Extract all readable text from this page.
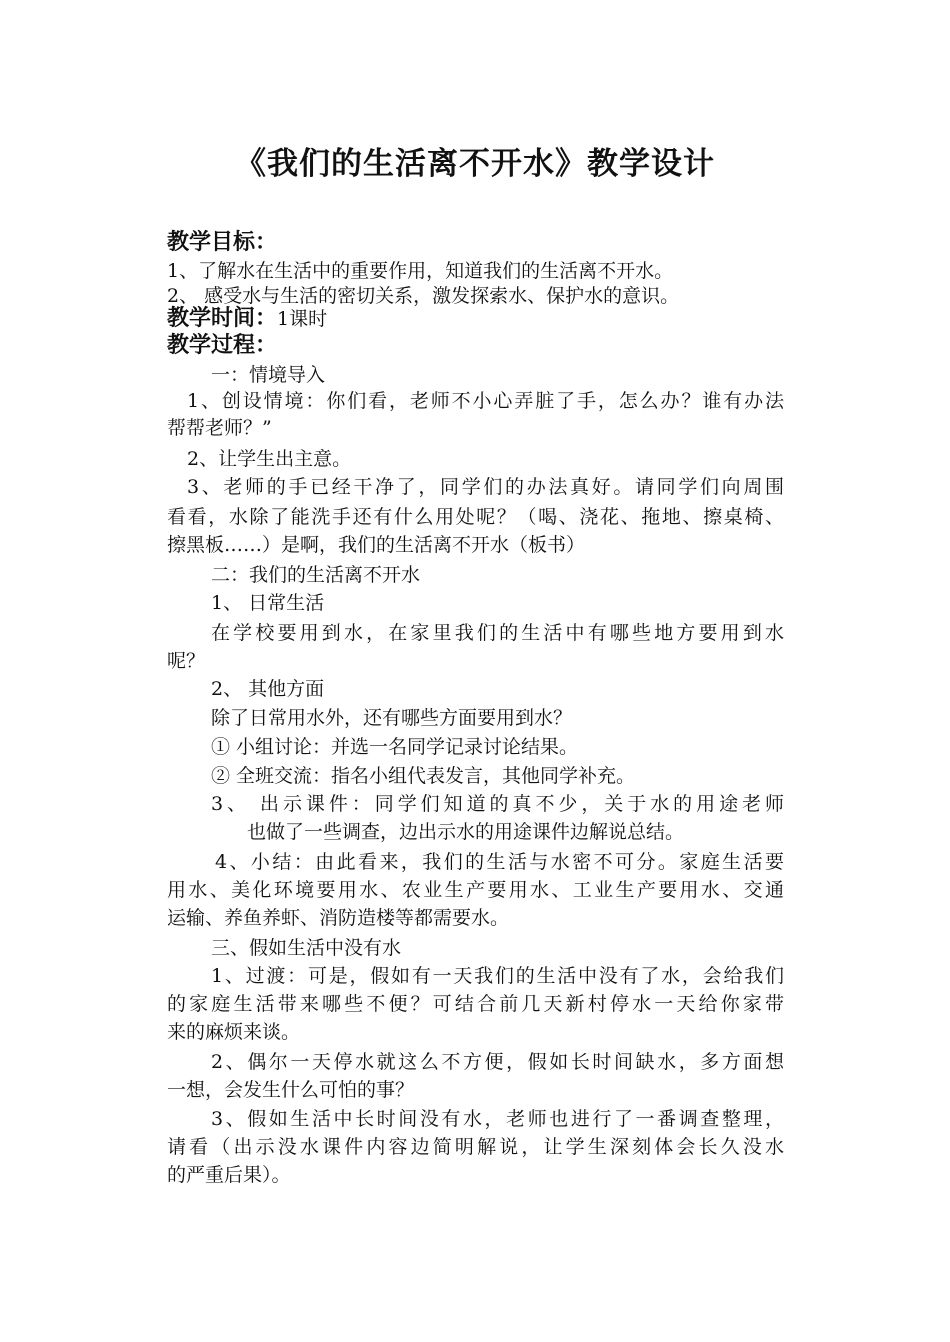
《我们的生活离不开水》教学设计
教学目标：
1、了解水在生活中的重要作用，知道我们的生活离不开水。
2、 感受水与生活的密切关系，激发探索水、保护水的意识。
教学时间：1课时
教学过程：
一：情境导入
1、创设情境：你们看，老师不小心弄脏了手，怎么办？谁有办法
帮帮老师？”
2、让学生出主意。
3、老师的手已经干净了，同学们的办法真好。请同学们向周围
看看，水除了能洗手还有什么用处呢？（喝、浇花、拖地、擦桌椅、
擦黑板……）是啊，我们的生活离不开水（板书）
二：我们的生活离不开水
1、 日常生活
在学校要用到水，在家里我们的生活中有哪些地方要用到水
呢？
2、 其他方面
除了日常用水外，还有哪些方面要用到水？
① 小组讨论：并选一名同学记录讨论结果。
② 全班交流：指名小组代表发言，其他同学补充。
3、 出示课件：同学们知道的真不少，关于水的用途老师
也做了一些调查，边出示水的用途课件边解说总结。
4、小结：由此看来，我们的生活与水密不可分。家庭生活要
用水、美化环境要用水、农业生产要用水、工业生产要用水、交通
运输、养鱼养虾、消防造楼等都需要水。
三、假如生活中没有水
1、过渡：可是，假如有一天我们的生活中没有了水，会给我们
的家庭生活带来哪些不便？可结合前几天新村停水一天给你家带
来的麻烦来谈。
2、偶尔一天停水就这么不方便，假如长时间缺水，多方面想
一想，会发生什么可怕的事？
3、假如生活中长时间没有水，老师也进行了一番调查整理，
请看（出示没水课件内容边简明解说，让学生深刻体会长久没水
的严重后果）。
